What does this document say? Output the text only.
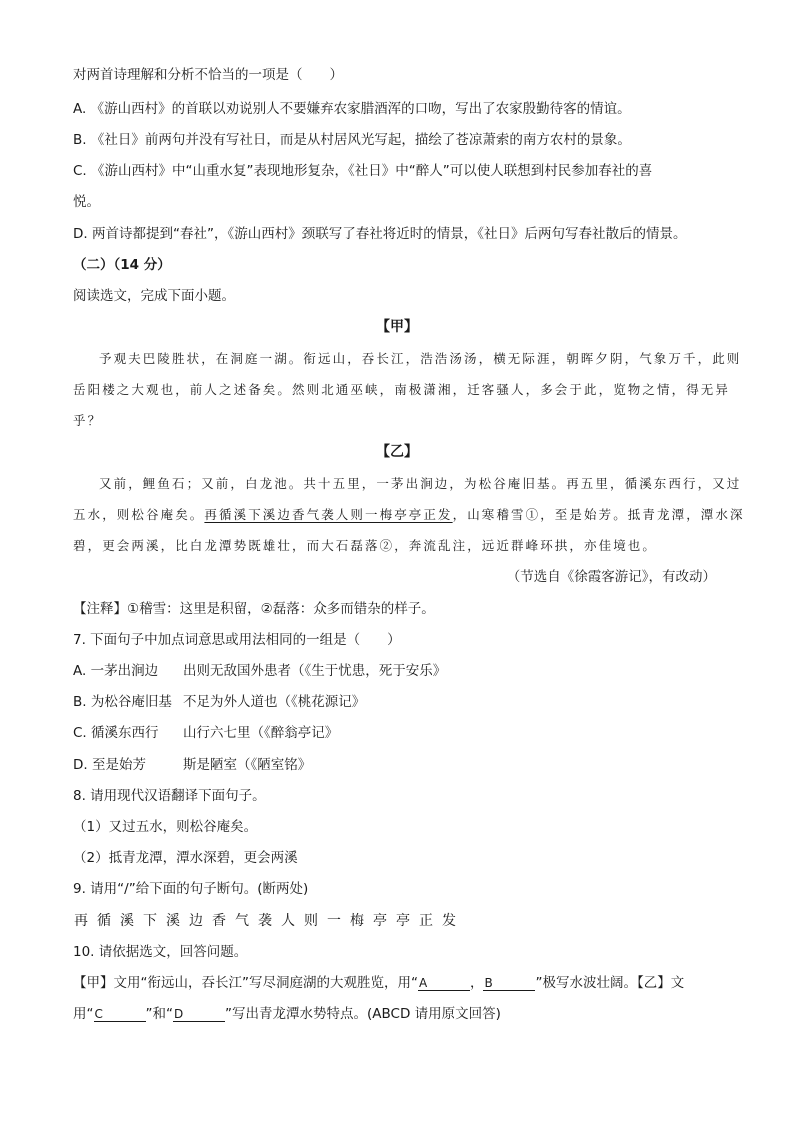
对两首诗理解和分析不恰当的一项是（　　）
A. 《游山西村》的首联以劝说别人不要嫌弃农家腊酒浑的口吻，写出了农家殷勤待客的情谊。
B. 《社日》前两句并没有写社日，而是从村居风光写起，描绘了苍凉萧索的南方农村的景象。
C. 《游山西村》中“山重水复”表现地形复杂，《社日》中“醉人”可以使人联想到村民参加春社的喜
悦。
D. 两首诗都提到“春社”，《游山西村》颈联写了春社将近时的情景，《社日》后两句写春社散后的情景。
（二）（14 分）
阅读选文，完成下面小题。
【甲】
予观夫巴陵胜状，在洞庭一湖。衔远山，吞长江，浩浩汤汤，横无际涯，朝晖夕阴，气象万千，此则
岳阳楼之大观也，前人之述备矣。然则北通巫峡，南极潇湘，迁客骚人，多会于此，览物之情，得无异
乎？
【乙】
又前，鲤鱼石；又前，白龙池。共十五里，一茅出涧边，为松谷庵旧基。再五里，循溪东西行，又过
五水，则松谷庵矣。再循溪下溪边香气袭人则一梅亭亭正发，山寒稽雪①，至是始芳。抵青龙潭，潭水深
碧，更会两溪，比白龙潭势既雄壮，而大石磊落②，奔流乱注，远近群峰环拱，亦佳境也。
（节选自《徐霞客游记》，有改动）
【注释】①稽雪：这里是积留，②磊落：众多而错杂的样子。
7. 下面句子中加点词意思或用法相同的一组是（　　）
A. 一茅出涧边 出则无敌国外患者（《生于忧患，死于安乐》
B. 为松谷庵旧基 不足为外人道也（《桃花源记》
C. 循溪东西行 山行六七里（《醉翁亭记》
D. 至是始芳	斯是陋室（《陋室铭》
8. 请用现代汉语翻译下面句子。
（1）又过五水，则松谷庵矣。
（2）抵青龙潭，潭水深碧，更会两溪
9. 请用“/”给下面的句子断句。(断两处)
再循溪下溪边香气袭人则一梅亭亭正发
10. 请依据选文，回答问题。
【甲】文用“衔远山，吞长江”写尽洞庭湖的大观胜览，用“A	，B	”极写水波壮阔。【乙】文
用“C	”和“D	”写出青龙潭水势特点。(ABCD 请用原文回答)
